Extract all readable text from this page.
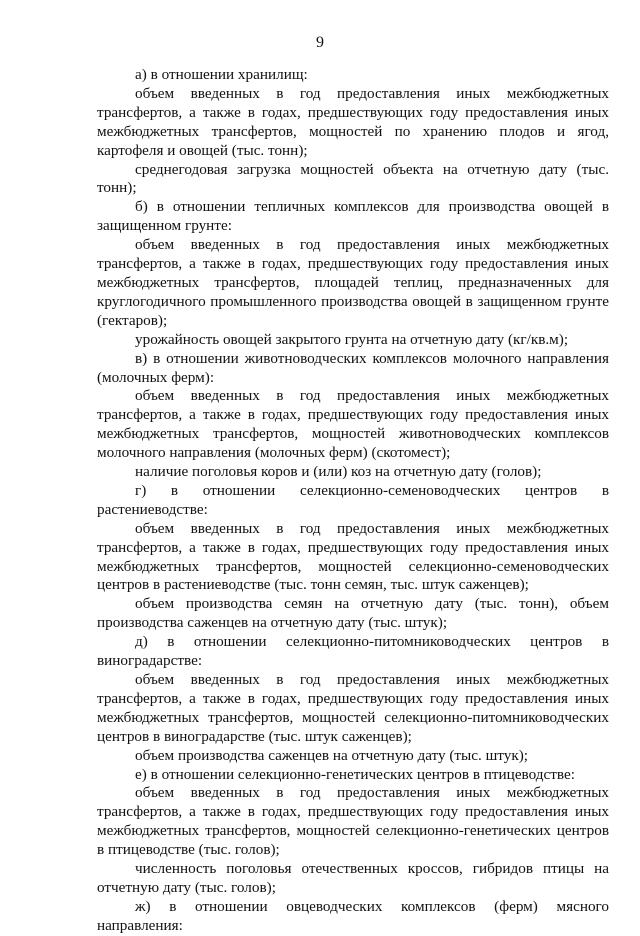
9

а) в отношении хранилищ:

объем введенных в год предоставления иных межбюджетных трансфертов, а также в годах, предшествующих году предоставления иных межбюджетных трансфертов, мощностей по хранению плодов и ягод, картофеля и овощей (тыс. тонн);

среднегодовая загрузка мощностей объекта на отчетную дату (тыс. тонн);

б) в отношении тепличных комплексов для производства овощей в защищенном грунте:

объем введенных в год предоставления иных межбюджетных трансфертов, а также в годах, предшествующих году предоставления иных межбюджетных трансфертов, площадей теплиц, предназначенных для круглогодичного промышленного производства овощей в защищенном грунте (гектаров);

урожайность овощей закрытого грунта на отчетную дату (кг/кв.м);

в) в отношении животноводческих комплексов молочного направления (молочных ферм):

объем введенных в год предоставления иных межбюджетных трансфертов, а также в годах, предшествующих году предоставления иных межбюджетных трансфертов, мощностей животноводческих комплексов молочного направления (молочных ферм) (скотомест);

наличие поголовья коров и (или) коз на отчетную дату (голов);

г) в отношении селекционно-семеноводческих центров в растениеводстве:

объем введенных в год предоставления иных межбюджетных трансфертов, а также в годах, предшествующих году предоставления иных межбюджетных трансфертов, мощностей селекционно-семеноводческих центров в растениеводстве (тыс. тонн семян, тыс. штук саженцев);

объем производства семян на отчетную дату (тыс. тонн), объем производства саженцев на отчетную дату (тыс. штук);

д) в отношении селекционно-питомниководческих центров в виноградарстве:

объем введенных в год предоставления иных межбюджетных трансфертов, а также в годах, предшествующих году предоставления иных межбюджетных трансфертов, мощностей селекционно-питомниководческих центров в виноградарстве (тыс. штук саженцев);

объем производства саженцев на отчетную дату (тыс. штук);

е) в отношении селекционно-генетических центров в птицеводстве:

объем введенных в год предоставления иных межбюджетных трансфертов, а также в годах, предшествующих году предоставления иных межбюджетных трансфертов, мощностей селекционно-генетических центров в птицеводстве (тыс. голов);

численность поголовья отечественных кроссов, гибридов птицы на отчетную дату (тыс. голов);

ж) в отношении овцеводческих комплексов (ферм) мясного направления:
